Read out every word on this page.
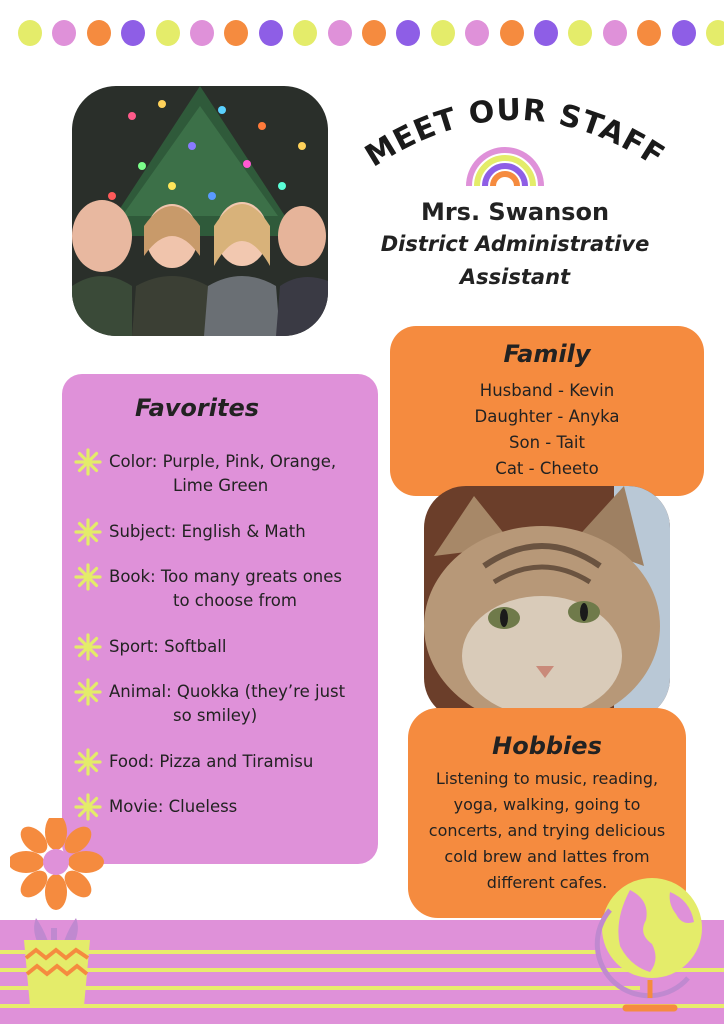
MEET OUR STAFF
Mrs. Swanson
District Administrative
Assistant
Favorites
Color: Purple, Pink, Orange,
Lime Green
Subject: English & Math
Book: Too many greats ones
to choose from
Sport: Softball
Animal: Quokka (they’re just
so smiley)
Food: Pizza and Tiramisu
Movie: Clueless
Family
Husband - Kevin
Daughter - Anyka
Son - Tait
Cat - Cheeto
Hobbies
Listening to music, reading,
yoga, walking, going to
concerts, and trying delicious
cold brew and lattes from
different cafes.
